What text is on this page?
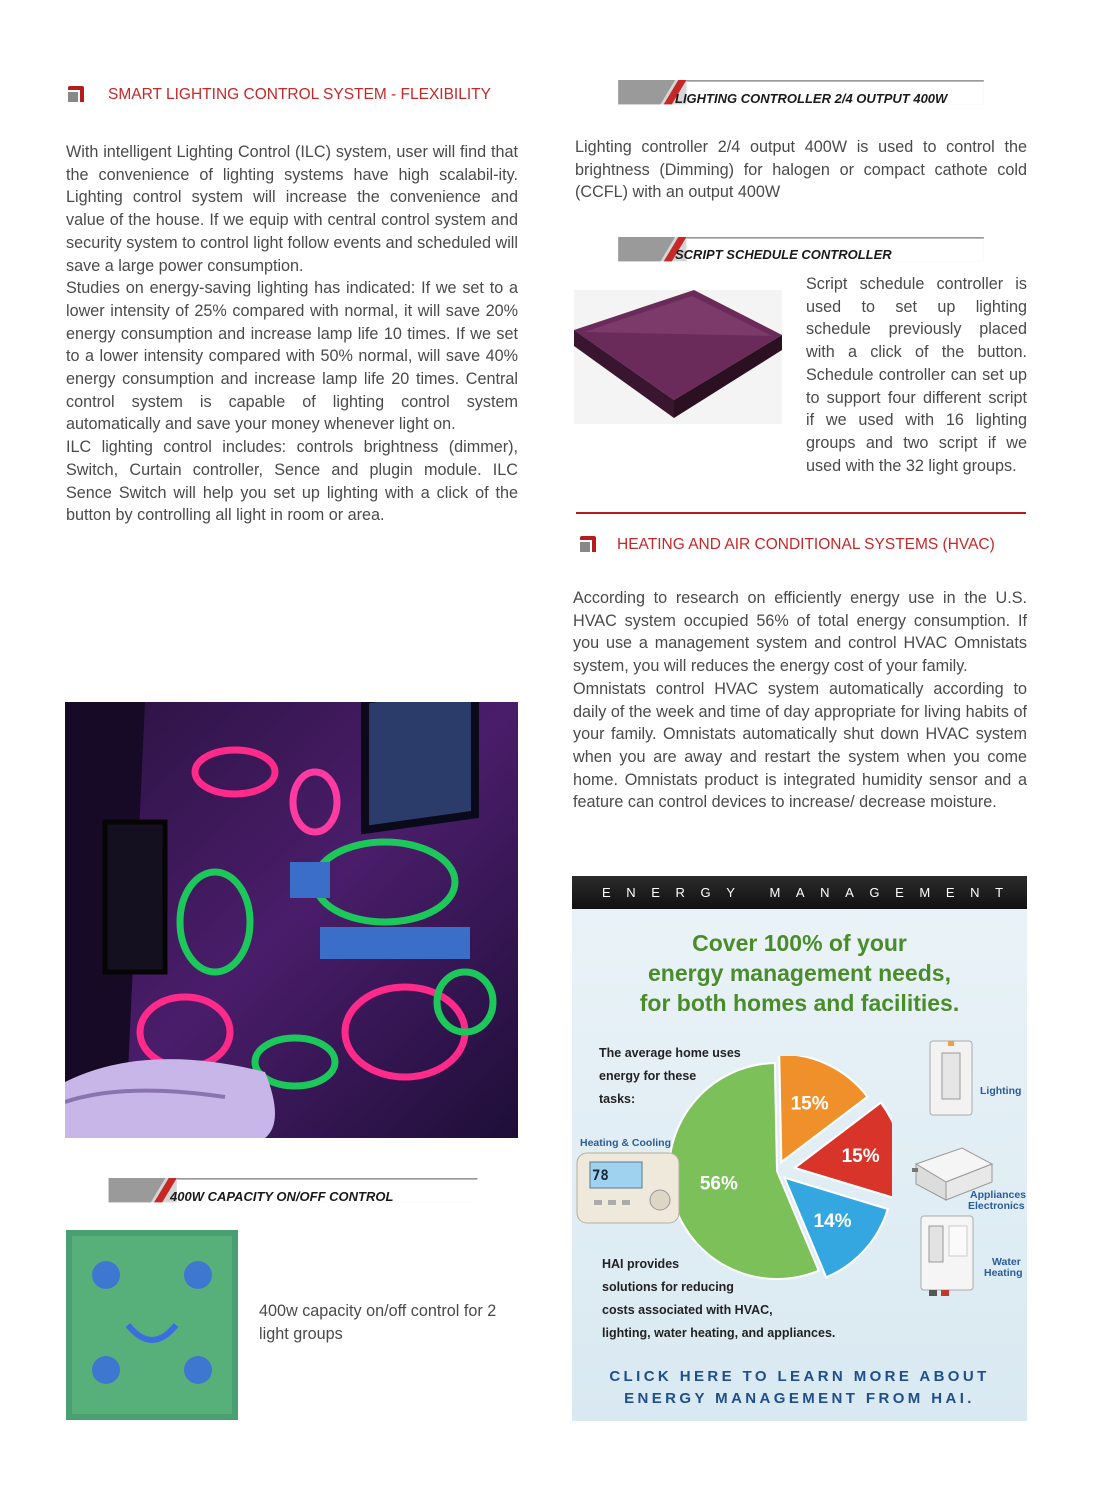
SMART LIGHTING CONTROL SYSTEM - FLEXIBILITY

With intelligent Lighting Control (ILC) system, user will find that the convenience of lighting systems have high scalabil-ity. Lighting control system will increase the convenience and value of the house. If we equip with central control system and security system to control light follow events and scheduled will save a large power consumption.

Studies on energy-saving lighting has indicated: If we set to a lower intensity of 25% compared with normal, it will save 20% energy consumption and increase lamp life 10 times. If we set to a lower intensity compared with 50% normal, will save 40% energy consumption and increase lamp life 20 times. Central control system is capable of lighting control system automatically and save your money whenever light on.

ILC lighting control includes: controls brightness (dimmer), Switch, Curtain controller, Sence and plugin module. ILC Sence Switch will help you set up lighting with a click of the button by controlling all light in room or area.

400W CAPACITY ON/OFF CONTROL
400w capacity on/off control for 2 light groups
LIGHTING CONTROLLER 2/4 OUTPUT 400W
Lighting controller 2/4 output 400W is used to control the brightness (Dimming) for halogen or compact cathote cold (CCFL) with an output 400W
SCRIPT SCHEDULE CONTROLLER
Script schedule controller is used to set up lighting schedule previously placed with a click of the button. Schedule controller can set up to support four different script if we used with 16 lighting groups and two script if we used with the 32 light groups.
HEATING AND AIR CONDITIONAL SYSTEMS (HVAC)

According to research on efficiently energy use in the U.S. HVAC system occupied 56% of total energy consumption. If you use a management system and control HVAC Omnistats system, you will reduces the energy cost of your family.

Omnistats control HVAC system automatically according to daily of the week and time of day appropriate for living habits of your family. Omnistats automatically shut down HVAC system when you are away and restart the system when you come home. Omnistats product is integrated humidity sensor and a feature can control devices to increase/ decrease moisture.

ENERGY MANAGEMENT
Cover 100% of your
energy management needs,
for both homes and facilities.
The average home uses
energy for these
tasks:
56%
15%
15%
14%
Lighting
Heating & Cooling
78
Appliances
Electronics
Water
Heating
HAI provides
solutions for reducing
costs associated with HVAC,
lighting, water heating, and appliances.
CLICK HERE TO LEARN MORE ABOUT
ENERGY MANAGEMENT FROM HAI.
